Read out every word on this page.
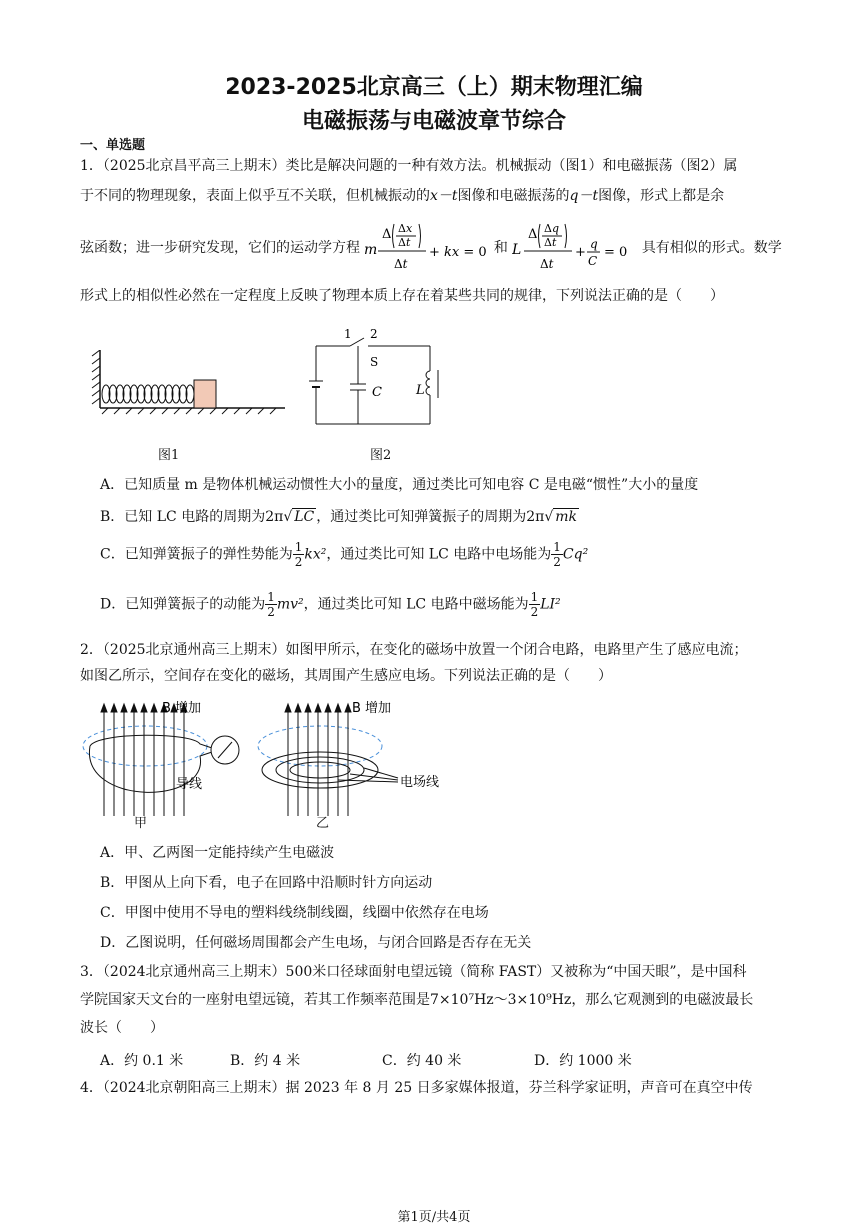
2023-2025北京高三（上）期末物理汇编
电磁振荡与电磁波章节综合
一、单选题
1．（2025北京昌平高三上期末）类比是解决问题的一种有效方法。机械振动（图1）和电磁振荡（图2）属
于不同的物理现象，表面上似乎互不关联，但机械振动的x－t图像和电磁振荡的q－t图像，形式上都是余
弦函数；进一步研究发现，它们的运动学方程 m
Δ Δx
Δt
Δt
+ kx = 0 和 L
Δ Δq
Δt
Δt
+
q
C
= 0 具有相似的形式。数学
形式上的相似性必然在一定程度上反映了物理本质上存在着某些共同的规律，下列说法正确的是（　　）
图1
1 2
S
C	L
图2
A．已知质量 m 是物体机械运动惯性大小的量度，通过类比可知电容 C 是电磁“惯性”大小的量度
B．已知 LC 电路的周期为2π√ LC ，通过类比可知弹簧振子的周期为2π√ mk
C．已知弹簧振子的弹性势能为 $\frac{1}{2} kx^2$，通过类比可知 LC 电路中电场能为 $\frac{1}{2} Cq^2$
D．已知弹簧振子的动能为 $\frac{1}{2} mv^2$，通过类比可知 LC 电路中磁场能为 $\frac{1}{2} LI^2$
2．（2025北京通州高三上期末）如图甲所示，在变化的磁场中放置一个闭合电路，电路里产生了感应电流；
如图乙所示，空间存在变化的磁场，其周围产生感应电场。下列说法正确的是（　　）
B 增加
导线
甲
B 增加
电场线
乙
A．甲、乙两图一定能持续产生电磁波
B．甲图从上向下看，电子在回路中沿顺时针方向运动
C．甲图中使用不导电的塑料线绕制线圈，线圈中依然存在电场
D．乙图说明，任何磁场周围都会产生电场，与闭合回路是否存在无关
3．（2024北京通州高三上期末）500米口径球面射电望远镜（简称 FAST）又被称为“中国天眼”，是中国科
学院国家天文台的一座射电望远镜，若其工作频率范围是7×10⁷Hz～3×10⁹Hz，那么它观测到的电磁波最长
波长（　　）
A．约 0.1 米	B．约 4 米	C．约 40 米	D．约 1000 米
4．（2024北京朝阳高三上期末）据 2023 年 8 月 25 日多家媒体报道，芬兰科学家证明，声音可在真空中传
第1页/共4页
